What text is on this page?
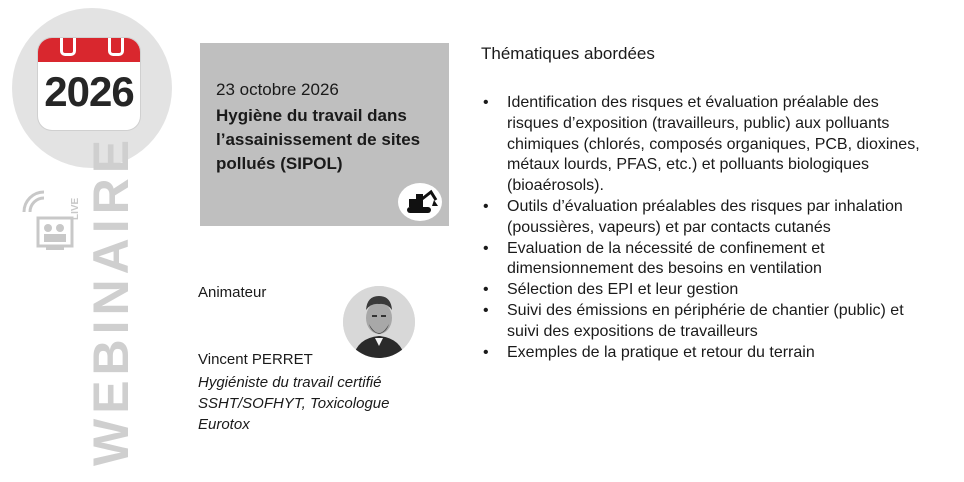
2026
LIVE WEBINAIRE
23 octobre 2026
Hygiène du travail dans l’assainissement de sites pollués (SIPOL)
Animateur
Vincent PERRET
Hygiéniste du travail certifié SSHT/SOFHYT, Toxicologue Eurotox
Thématiques abordées
• Identification des risques et évaluation préalable des risques d’exposition (travailleurs, public) aux polluants chimiques (chlorés, composés organiques, PCB, dioxines, métaux lourds, PFAS, etc.) et polluants biologiques (bioaérosols).
• Outils d’évaluation préalables des risques par inhalation (poussières, vapeurs) et par contacts cutanés
• Evaluation de la nécessité de confinement et dimensionnement des besoins en ventilation
• Sélection des EPI et leur gestion
• Suivi des émissions en périphérie de chantier (public) et suivi des expositions de travailleurs
• Exemples de la pratique et retour du terrain
